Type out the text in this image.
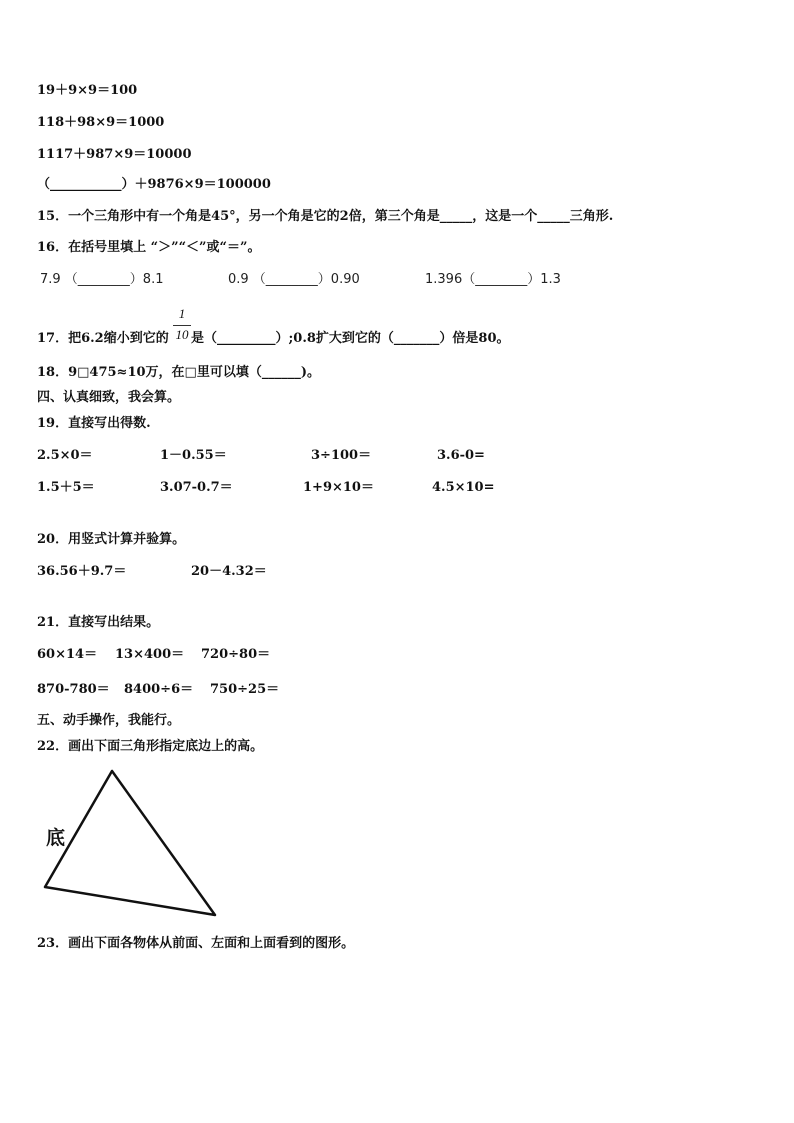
19＋9×9＝100
118＋98×9＝1000
1117＋987×9＝10000
（___________）＋9876×9＝100000
15．一个三角形中有一个角是45°，另一个角是它的2倍，第三个角是_____，这是一个_____三角形.
16．在括号里填上 “＞”“＜”或“＝”。
7.9 （________）8.1	0.9 （________）0.90	1.396（________）1.3
17．把6.2缩小到它的
1
10 是（_________）;0.8扩大到它的（_______）倍是80。
18．9□475≈10万，在□里可以填（______)。
四、认真细致，我会算。
19．直接写出得数.
2.5×0＝	1－0.55＝	3÷100＝	3.6-0=
1.5＋5＝	3.07-0.7＝	1+9×10＝	4.5×10=
20．用竖式计算并验算。
36.56＋9.7＝	20－4.32＝
21．直接写出结果。
60×14＝ 13×400＝ 720÷80＝
870-780＝ 8400÷6＝ 750÷25＝
五、动手操作，我能行。
22．画出下面三角形指定底边上的高。
底
23．画出下面各物体从前面、左面和上面看到的图形。
